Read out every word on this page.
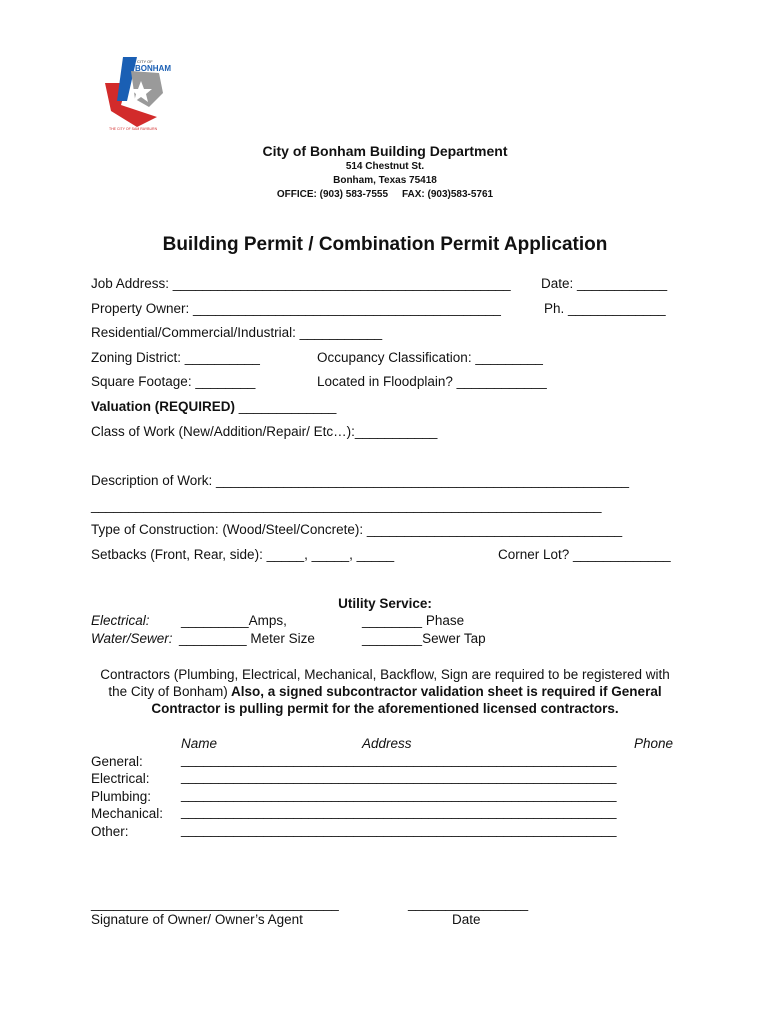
CITY OF
BONHAM
THE CITY OF SAM RAYBURN
City of Bonham Building Department
514 Chestnut St.
Bonham, Texas 75418
OFFICE: (903) 583-7555     FAX: (903)583-5761
Building Permit / Combination Permit Application
Job Address: _____________________________________________ Date: ____________
Property Owner: _________________________________________	Ph. _____________
Residential/Commercial/Industrial: ___________
Zoning District: __________	Occupancy Classification: _________
Square Footage: ________	Located in Floodplain? ____________
Valuation (REQUIRED) _____________
Class of Work (New/Addition/Repair/ Etc…):___________
Description of Work: _______________________________________________________
____________________________________________________________________
Type of Construction: (Wood/Steel/Concrete): __________________________________
Setbacks (Front, Rear, side): _____, _____, _____	Corner Lot? _____________
Utility Service:
Electrical: _________Amps,	________ Phase
Water/Sewer: _________ Meter Size	________Sewer Tap
Contractors (Plumbing, Electrical, Mechanical, Backflow, Sign are required to be registered with
the City of Bonham) Also, a signed subcontractor validation sheet is required if General
Contractor is pulling permit for the aforementioned licensed contractors.
Name	Address	Phone
General:	__________________________________________________________
Electrical: __________________________________________________________
Plumbing: __________________________________________________________
Mechanical: __________________________________________________________
Other:	__________________________________________________________
_________________________________
Signature of Owner/ Owner’s Agent
________________
Date
